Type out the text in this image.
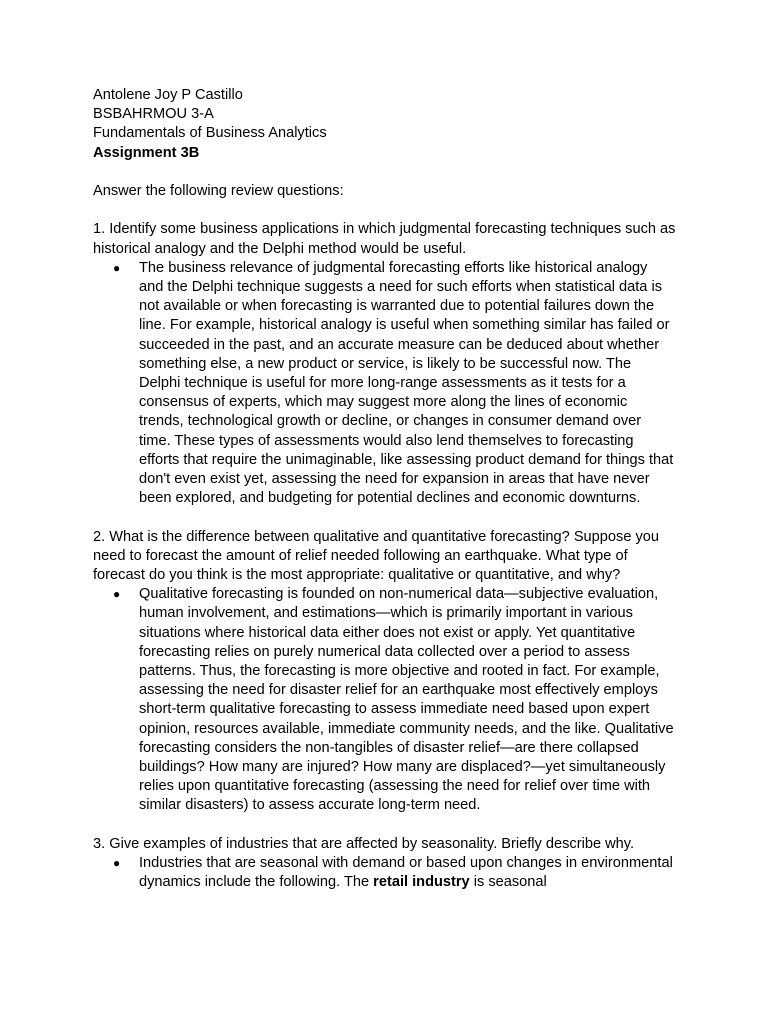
Antolene Joy P Castillo

BSBAHRMOU 3-A

Fundamentals of Business Analytics

Assignment 3B

Answer the following review questions:

1. Identify some business applications in which judgmental forecasting techniques such as historical analogy and the Delphi method would be useful.

● The business relevance of judgmental forecasting efforts like historical analogy and the Delphi technique suggests a need for such efforts when statistical data is not available or when forecasting is warranted due to potential failures down the line. For example, historical analogy is useful when something similar has failed or succeeded in the past, and an accurate measure can be deduced about whether something else, a new product or service, is likely to be successful now. The Delphi technique is useful for more long-range assessments as it tests for a consensus of experts, which may suggest more along the lines of economic trends, technological growth or decline, or changes in consumer demand over time. These types of assessments would also lend themselves to forecasting efforts that require the unimaginable, like assessing product demand for things that don't even exist yet, assessing the need for expansion in areas that have never been explored, and budgeting for potential declines and economic downturns.

2. What is the difference between qualitative and quantitative forecasting? Suppose you need to forecast the amount of relief needed following an earthquake. What type of forecast do you think is the most appropriate: qualitative or quantitative, and why?

● Qualitative forecasting is founded on non-numerical data—subjective evaluation, human involvement, and estimations—which is primarily important in various situations where historical data either does not exist or apply. Yet quantitative forecasting relies on purely numerical data collected over a period to assess patterns. Thus, the forecasting is more objective and rooted in fact. For example, assessing the need for disaster relief for an earthquake most effectively employs short-term qualitative forecasting to assess immediate need based upon expert opinion, resources available, immediate community needs, and the like. Qualitative forecasting considers the non-tangibles of disaster relief—are there collapsed buildings? How many are injured? How many are displaced?—yet simultaneously relies upon quantitative forecasting (assessing the need for relief over time with similar disasters) to assess accurate long-term need.

3. Give examples of industries that are affected by seasonality. Briefly describe why.

● Industries that are seasonal with demand or based upon changes in environmental dynamics include the following. The retail industry is seasonal
